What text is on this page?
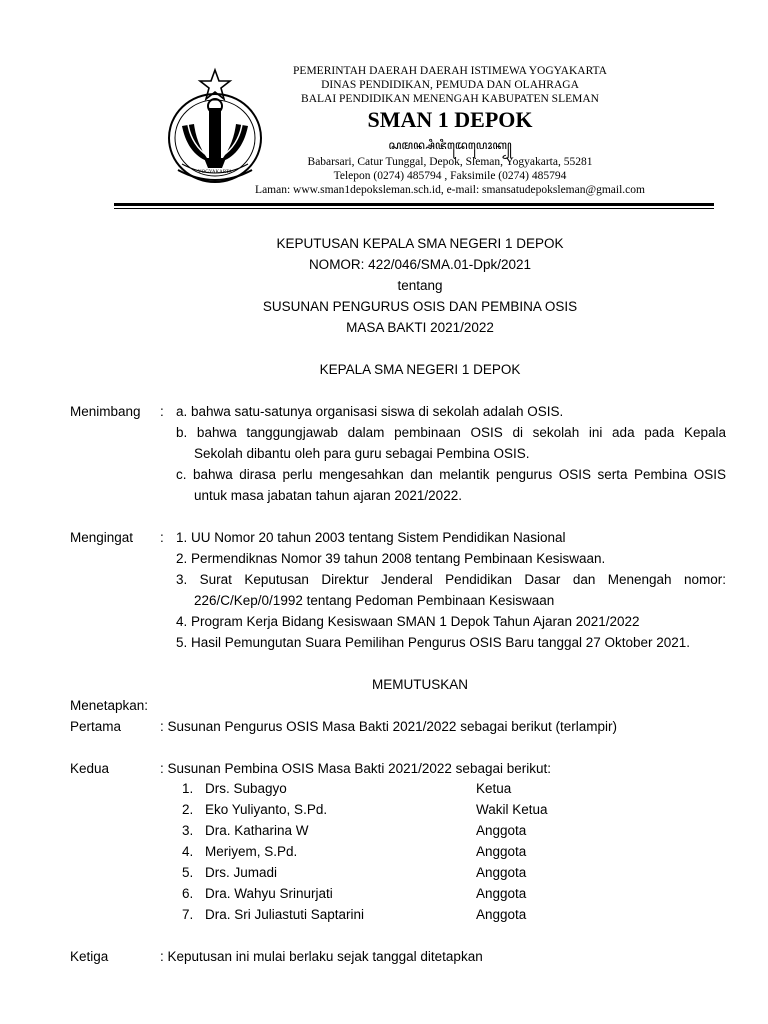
YOGYAKARTA
PEMERINTAH DAERAH DAERAH ISTIMEWA YOGYAKARTA
DINAS PENDIDIKAN, PEMUDA DAN OLAHRAGA
BALAI PENDIDIKAN MENENGAH KABUPATEN SLEMAN
SMAN 1 DEPOK
ꦱꦩꦤ꧀ꦱꦶꦗꦶꦢꦺꦥꦺꦴꦏ꧀
Babarsari, Catur Tunggal, Depok, Sleman, Yogyakarta, 55281
Telepon (0274) 485794 , Faksimile (0274) 485794
Laman: www.sman1depoksleman.sch.id, e-mail: smansatudepoksleman@gmail.com
KEPUTUSAN KEPALA SMA NEGERI 1 DEPOK
NOMOR: 422/046/SMA.01-Dpk/2021
tentang
SUSUNAN PENGURUS OSIS DAN PEMBINA OSIS
MASA BAKTI 2021/2022
KEPALA SMA NEGERI 1 DEPOK
Menimbang : a. bahwa satu-satunya organisasi siswa di sekolah adalah OSIS.
b. bahwa tanggungjawab dalam pembinaan OSIS di sekolah ini ada pada Kepala
Sekolah dibantu oleh para guru sebagai Pembina OSIS.
c. bahwa dirasa perlu mengesahkan dan melantik pengurus OSIS serta Pembina OSIS
untuk masa jabatan tahun ajaran 2021/2022.
Mengingat : 1. UU Nomor 20 tahun 2003 tentang Sistem Pendidikan Nasional
2. Permendiknas Nomor 39 tahun 2008 tentang Pembinaan Kesiswaan.
3. Surat Keputusan Direktur Jenderal Pendidikan Dasar dan Menengah nomor:
226/C/Kep/0/1992 tentang Pedoman Pembinaan Kesiswaan
4. Program Kerja Bidang Kesiswaan SMAN 1 Depok Tahun Ajaran 2021/2022
5. Hasil Pemungutan Suara Pemilihan Pengurus OSIS Baru tanggal 27 Oktober 2021.
MEMUTUSKAN
Menetapkan:
Pertama	: Susunan Pengurus OSIS Masa Bakti 2021/2022 sebagai berikut (terlampir)
Kedua	: Susunan Pembina OSIS Masa Bakti 2021/2022 sebagai berikut:
1. Drs. Subagyo	Ketua
2. Eko Yuliyanto, S.Pd.	Wakil Ketua
3. Dra. Katharina W	Anggota
4. Meriyem, S.Pd.	Anggota
5. Drs. Jumadi	Anggota
6. Dra. Wahyu Srinurjati	Anggota
7. Dra. Sri Juliastuti Saptarini	Anggota
Ketiga	: Keputusan ini mulai berlaku sejak tanggal ditetapkan
